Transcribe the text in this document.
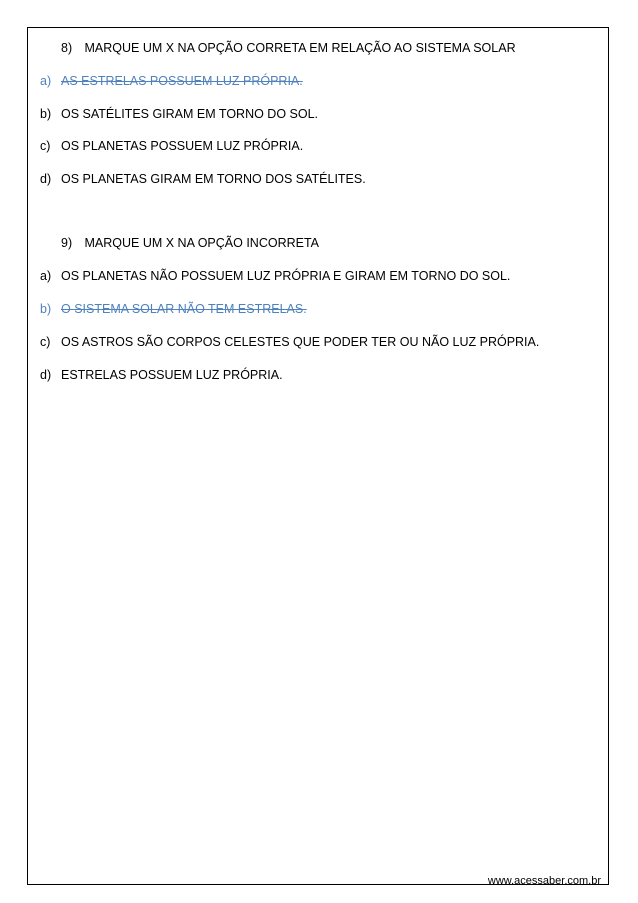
8) MARQUE UM X NA OPÇÃO CORRETA EM RELAÇÃO AO SISTEMA SOLAR
a) AS ESTRELAS POSSUEM LUZ PRÓPRIA.
b) OS SATÉLITES GIRAM EM TORNO DO SOL.
c) OS PLANETAS POSSUEM LUZ PRÓPRIA.
d) OS PLANETAS GIRAM EM TORNO DOS SATÉLITES.
9) MARQUE UM X NA OPÇÃO INCORRETA
a) OS PLANETAS NÃO POSSUEM LUZ PRÓPRIA E GIRAM EM TORNO DO SOL.
b) O SISTEMA SOLAR NÃO TEM ESTRELAS.
c) OS ASTROS SÃO CORPOS CELESTES QUE PODER TER OU NÃO LUZ PRÓPRIA.
d) ESTRELAS POSSUEM LUZ PRÓPRIA.
www.acessaber.com.br
